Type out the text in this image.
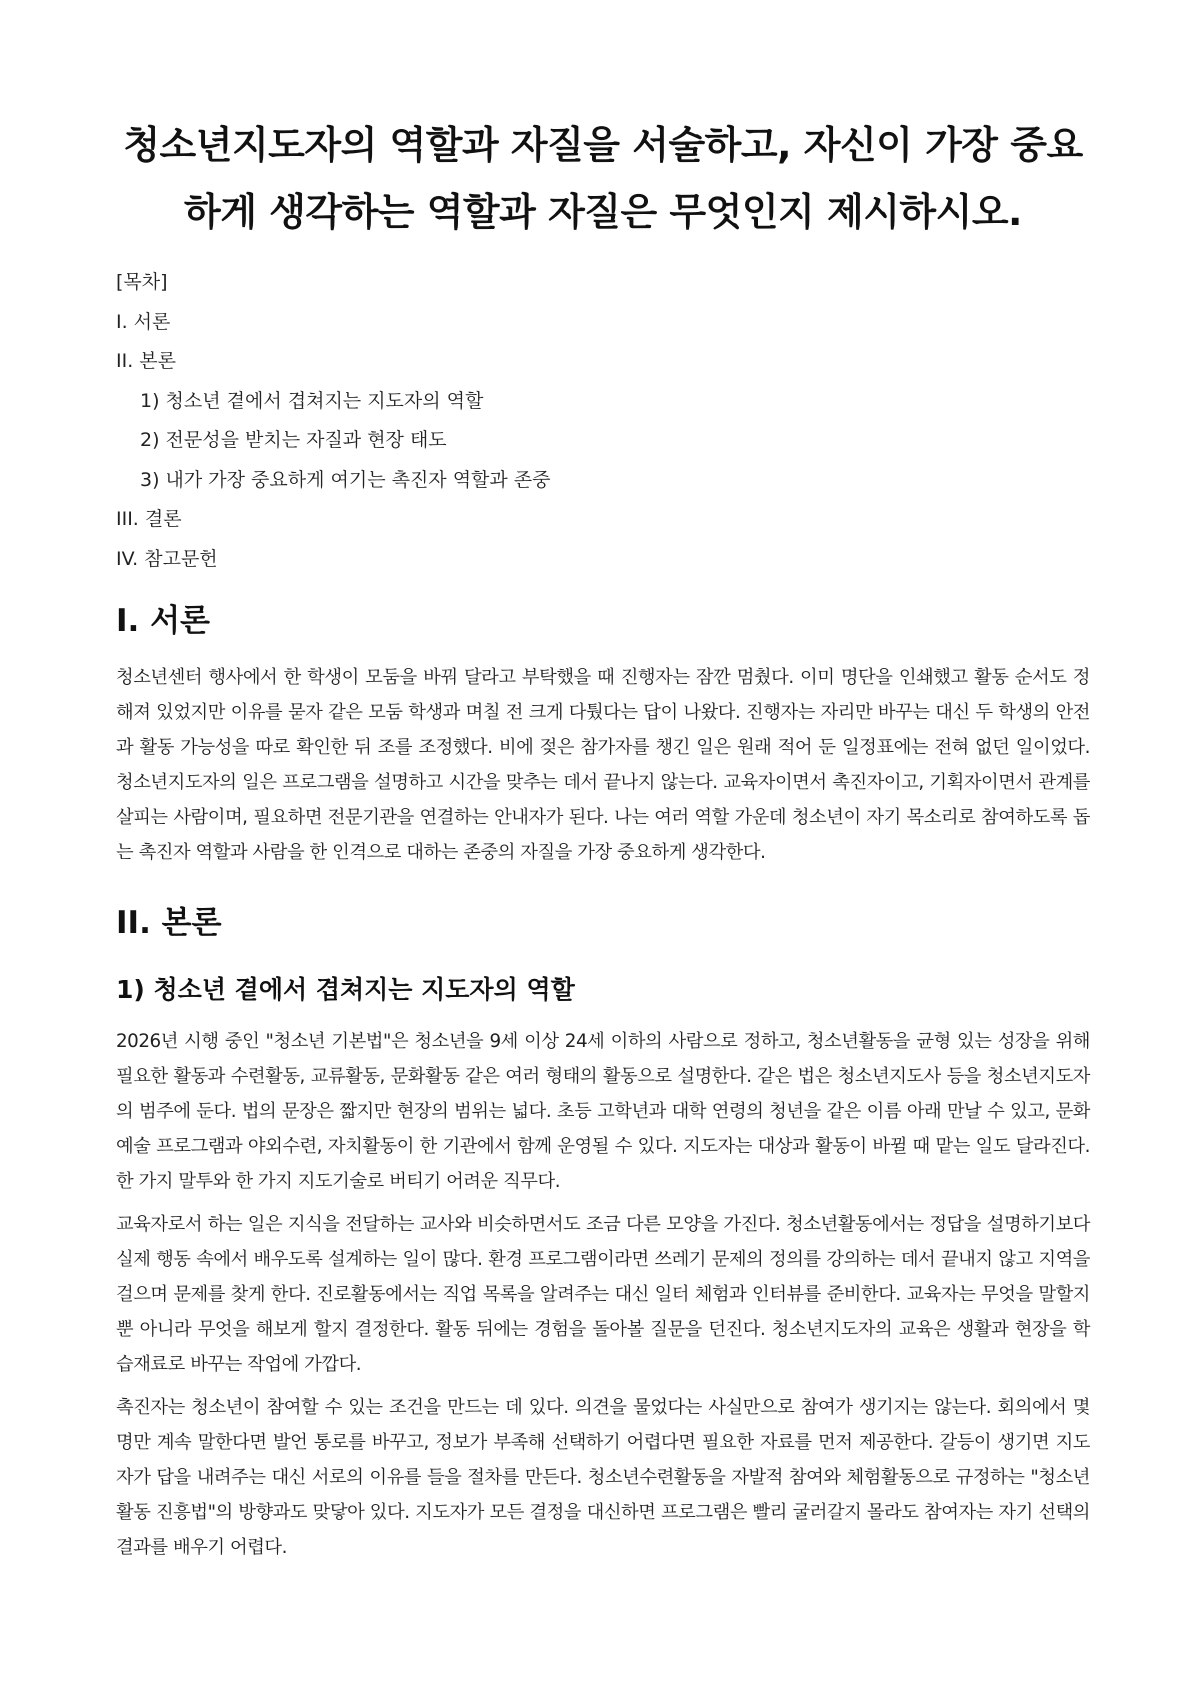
청소년지도자의 역할과 자질을 서술하고, 자신이 가장 중요하게 생각하는 역할과 자질은 무엇인지 제시하시오.
[목차]
I. 서론
II. 본론
1) 청소년 곁에서 겹쳐지는 지도자의 역할
2) 전문성을 받치는 자질과 현장 태도
3) 내가 가장 중요하게 여기는 촉진자 역할과 존중
III. 결론
IV. 참고문헌
I. 서론

청소년센터 행사에서 한 학생이 모둠을 바꿔 달라고 부탁했을 때 진행자는 잠깐 멈췄다. 이미 명단을 인쇄했고 활동 순서도 정해져 있었지만 이유를 묻자 같은 모둠 학생과 며칠 전 크게 다퉜다는 답이 나왔다. 진행자는 자리만 바꾸는 대신 두 학생의 안전과 활동 가능성을 따로 확인한 뒤 조를 조정했다. 비에 젖은 참가자를 챙긴 일은 원래 적어 둔 일정표에는 전혀 없던 일이었다. 청소년지도자의 일은 프로그램을 설명하고 시간을 맞추는 데서 끝나지 않는다. 교육자이면서 촉진자이고, 기획자이면서 관계를 살피는 사람이며, 필요하면 전문기관을 연결하는 안내자가 된다. 나는 여러 역할 가운데 청소년이 자기 목소리로 참여하도록 돕는 촉진자 역할과 사람을 한 인격으로 대하는 존중의 자질을 가장 중요하게 생각한다.

II. 본론
1) 청소년 곁에서 겹쳐지는 지도자의 역할

2026년 시행 중인 "청소년 기본법"은 청소년을 9세 이상 24세 이하의 사람으로 정하고, 청소년활동을 균형 있는 성장을 위해 필요한 활동과 수련활동, 교류활동, 문화활동 같은 여러 형태의 활동으로 설명한다. 같은 법은 청소년지도사 등을 청소년지도자의 범주에 둔다. 법의 문장은 짧지만 현장의 범위는 넓다. 초등 고학년과 대학 연령의 청년을 같은 이름 아래 만날 수 있고, 문화예술 프로그램과 야외수련, 자치활동이 한 기관에서 함께 운영될 수 있다. 지도자는 대상과 활동이 바뀔 때 맡는 일도 달라진다. 한 가지 말투와 한 가지 지도기술로 버티기 어려운 직무다.

교육자로서 하는 일은 지식을 전달하는 교사와 비슷하면서도 조금 다른 모양을 가진다. 청소년활동에서는 정답을 설명하기보다 실제 행동 속에서 배우도록 설계하는 일이 많다. 환경 프로그램이라면 쓰레기 문제의 정의를 강의하는 데서 끝내지 않고 지역을 걸으며 문제를 찾게 한다. 진로활동에서는 직업 목록을 알려주는 대신 일터 체험과 인터뷰를 준비한다. 교육자는 무엇을 말할지뿐 아니라 무엇을 해보게 할지 결정한다. 활동 뒤에는 경험을 돌아볼 질문을 던진다. 청소년지도자의 교육은 생활과 현장을 학습재료로 바꾸는 작업에 가깝다.

촉진자는 청소년이 참여할 수 있는 조건을 만드는 데 있다. 의견을 물었다는 사실만으로 참여가 생기지는 않는다. 회의에서 몇 명만 계속 말한다면 발언 통로를 바꾸고, 정보가 부족해 선택하기 어렵다면 필요한 자료를 먼저 제공한다. 갈등이 생기면 지도자가 답을 내려주는 대신 서로의 이유를 들을 절차를 만든다. 청소년수련활동을 자발적 참여와 체험활동으로 규정하는 "청소년활동 진흥법"의 방향과도 맞닿아 있다. 지도자가 모든 결정을 대신하면 프로그램은 빨리 굴러갈지 몰라도 참여자는 자기 선택의 결과를 배우기 어렵다.
